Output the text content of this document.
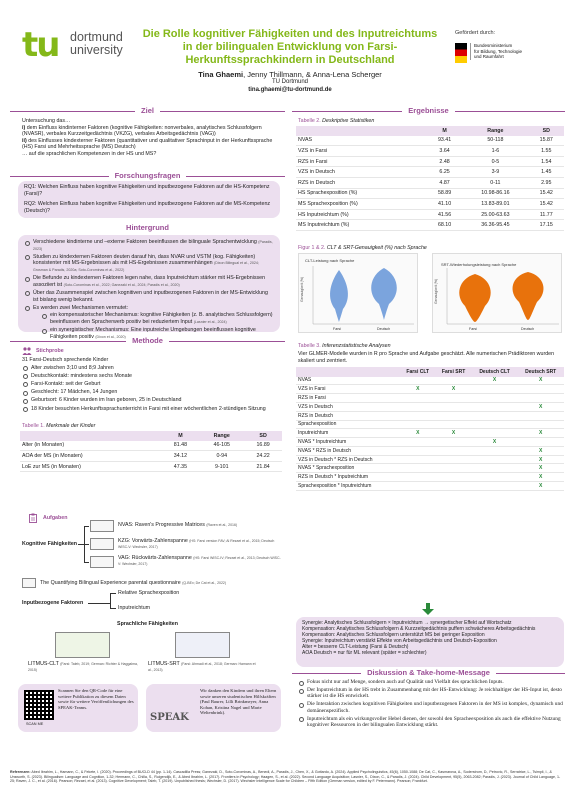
tu dortmund
university
Die Rolle kognitiver Fähigkeiten und des Inputreichtums in der bilingualen Entwicklung von Farsi-Herkunftssprachkindern in Deutschland
Tina Ghaemi, Jenny Thillmann, & Anna-Lena Scherger
TU Dortmund
tina.ghaemi@tu-dortmund.de
Gefördert durch:
Bundesministerium
für Bildung, Technologie
und Raumfahrt
Ziel
Untersuchung das…
i) dem Einfluss kindinterner Faktoren (kognitive Fähigkeiten: nonverbales, analytisches Schlussfolgern (NVASR), verbales Kurzzeitgedächtnis (VKZG), verbales Arbeitsgedächtnis (VAG))
ii) des Einflusses kindexterner Faktoren (quantitativer und qualitativer Sprachinput in der Herkunftssprache (HS) Farsi und Mehrheitssprache (MS) Deutsch)
… auf die sprachlichen Kompetenzen in der HS und MS?
Forschungsfragen
RQ1: Welchen Einfluss haben kognitive Fähigkeiten und inputbezogene Faktoren auf die HS-Kompetenz (Farsi)?
RQ2: Welchen Einfluss haben kognitive Fähigkeiten und inputbezogene Faktoren auf die MS-Kompetenz (Deutsch)?
Hintergrund
Verschiedene kindinterne und –externe Faktoren beeinflussen die bilinguale Sprachentwicklung (Paradis, 2023)
Studien zu kindexternen Faktoren deuten darauf hin, dass NVAR und VSTM (kog. Fähigkeiten) konsistenter mit MS-Ergebnissen als mit HS-Ergebnissen zusammenhängen (Dixon Bilingual et al., 2024; Grosman & Paradis, 2020a; Soto-Corominas et al., 2022)
Die Befunde zu kindexternen Faktoren legen nahe, dass Inputreichtum stärker mit HS-Ergebnissen assoziiert ist (Soto-Corominas et al., 2022; Ganezaki et al., 2024; Paradis et al., 2020)
Über das Zusammenspiel zwischen kognitiven und inputbezogenen Faktoren in der MS-Entwicklung ist bislang wenig bekannt.
Es werden zwei Mechanismen vermutet:
ein kompensatorischer Mechanismus: kognitive Fähigkeiten (z. B. analytisches Schlussfolgern) beeinflussen den Spracherwerb positiv bei reduziertem Input (Lasnier et al., 2024)
ein synergistischer Mechanismus: Eine inputreiche Umgebungen beeinflussen kognitive Fähigkeiten positiv (Dixon et al., 2020) Methode
Stichprobe
31 Farsi-Deutsch sprechende Kinder
Alter zwischen 3;10 und 8;9 Jahren
Deutschkontakt: mindestens sechs Monate
Farsi-Kontakt: seit der Geburt
Geschlecht: 17 Mädchen, 14 Jungen
Geburtsort: 6 Kinder wurden im Iran geboren, 25 in Deutschland
18 Kinder besuchten Herkunftssprachunterricht in Farsi mit einer wöchentlichen 2-stündigen Sitzung
Tabelle 1. Merkmale der Kinder
	M	Range	SD
Alter (in Monaten)	81.48	46-105	16.89
AOA der MS (in Monaten)	34.12	0-94	24.22
LoE zur MS (in Monaten)	47.35	9-101	21.84
Aufgaben
Kognitive Fähigkeiten
NVAS: Raven's Progressive Matrices (Raven et al., 2016)
KZG: Vorwärts-Zahlenspanne (HS: Farsi version FAV; Al Rezaei et al., 2015; Deutsch WISC-V: Wechsler, 2017)
VAG: Rückwärts-Zahlenspanne (HS: Farsi WISC-IV; Rezaei et al., 2013; Deutsch WISC-V: Wechsler, 2017)
The Quantifying Bilingual Experience parental questionnaire (Q-BEx; De Cat et al., 2022)
Inputbezogene Faktoren
Relative Sprachexposition
Inputreichtum
Sprachliche Fähigkeiten
LITMUS-CLT (Farsi: Taleb, 2019; German: Richter & Haggalma, 2015)
LITMUS-SRT (Farsi: Ahmadi et al., 2018; German: Hamann et al., 2013)
SCAN ME
Scannen Sie den QR-Code für eine weitere Publikation zu diesem Daten sowie für weitere Veröffentlichungen des SPEAK-Teams.
SPEAK
Wir danken den Kindern und ihren Eltern sowie unseren studentischen Hilfskräften (Paul Baurer, Lilli Brinkmeyer, Anna Kohan, Kristina Nagel und Marie Weltenbrink).
Ergebnisse
Tabelle 2. Deskriptive Statistiken
	M	Range	SD
NVAS	93.41	50-118	15.87
VZS in Farsi	3.64	1-6	1.55
RZS in Farsi	2.48	0-5	1.54
VZS in Deutsch	6.25	3-9	1.45
RZS in Deutsch	4.87	0-11	2.95
HS Sprachexposition (%)	58.89	10.98-86.16	15.42
MS Sprachexposition (%)	41.10	13.83-89.01	15.42
HS Inputreichtum (%)	41.56	25.00-63.63	11.77
MS Inputreichtum (%)	68.10	36.36-95.45	17.15
Figur 1 & 2. CLT & SRT-Genauigkeit (%) nach Sprache
CLT-Leistung nach Sprache
Genauigkeit (%)
Farsi	Deutsch
SRT-Wiederholungsleistung nach Sprache
Genauigkeit (%)
Farsi	Deutsch
Tabelle 3. Inferenzstatistische Analysen
Vier GLMER-Modelle wurden in R pro Sprache und Aufgabe geschätzt. Alle numerischen Prädiktoren wurden skaliert und zentriert.
	Farsi CLT	Farsi SRT	Deutsch CLT	Deutsch SRT
NVAS			X	X
VZS in Farsi	X	X		
RZS in Farsi				
VZS in Deutsch				X
RZS in Deutsch				
Sprachexposition				
Inputreichtum	X	X		X
NVAS * Inputreichtum			X	
NVAS * RZS in Deutsch				X
VZS in Deutsch * RZS in Deutsch				X
NVAS * Sprachexposition				X
RZS in Deutsch * Inputreichtum				X
Sprachexposition * Inputreichtum				X
Synergie: Analytisches Schlussfolgern × Inputreichtum → synergetischer Effekt auf Wortschatz
Kompensation: Analytisches Schlussfolgern & Kurzzeitgedächtnis puffern schwächeres Arbeitsgedächtnis
Kompensation: Analytisches Schlussfolgern unterstützt MS bei geringer Exposition
Synergie: Inputreichtum verstärkt Effekte von Arbeitsgedächtnis und Deutsch-Exposition
Alter = besserre CLT-Leistung (Farsi & Deutsch)
AOA Deutsch = nur für ML relevant (später = schlechter)
Diskussion & Take-home-Message
Fokus nicht nur auf Menge, sondern auch auf Qualität und Vielfalt des sprachlichen Inputs.
Der Inputreichtum in der HS trebt in Zusammenhang mit der HS-Entwicklung: Je reichhaltiger der HS-Input ist, desto stärker ist die HS entwickelt.
Die Interaktion zwischen kognitiven Fähigkeiten und inputbezogenen Faktoren in der MS ist komplex, dynamisch und domänenspezifisch.
Inputreichtum als ein wirkungsvoller Hebel dienen, der sowohl den Spracheexposition als auch die effektive Nutzung kognitiver Ressourcen in der bilingualen Entwicklung stärkt.
Referenzen: Abed Ibrahim, L., Hamann, C., & Fekete, I. (2020). Proceedings of BUCLD 44 (pp. 1-14). Cascadilla Press; Ganezaki, D., Soto-Corominas, A., Benedi, A., Paradis, J., Chen, X., & Gottardo, A. (2024). Applied Psycholinguistics, 45(6), 1050-1088; De Cat, C., Kasmarova, A., Soderstrom, D., Petrovic, R., Serratrice, L., Tsimpli, I., & Unsworth, S. (2023). Bilingualism: Language and Cognition, 1-32; Hermann, C., Chilla, S., Ruigendijk, E., & Abed Ibrahim, L. (2017). Frontiers in Psychology; Haagen, S., et al. (2022). Second Language Acquisition; Lasnier, S., Dixon, C., & Paradis, J. (2024). Child Development, 95(5), 2063-2082; Paradis, J. (2023). Journal of Child Language, 1-25; Raven, J. C., et al. (2016). Pearson; Rezaei, et al. (2013). Cognitive Development; Taleb, T. (2019). Unpublished thesis; Wechsler, D. (2017). Wechsler Intelligence Scale for Children – Fifth Edition (German version, edited by F. Petermann). Pearson; Frankfurt.
